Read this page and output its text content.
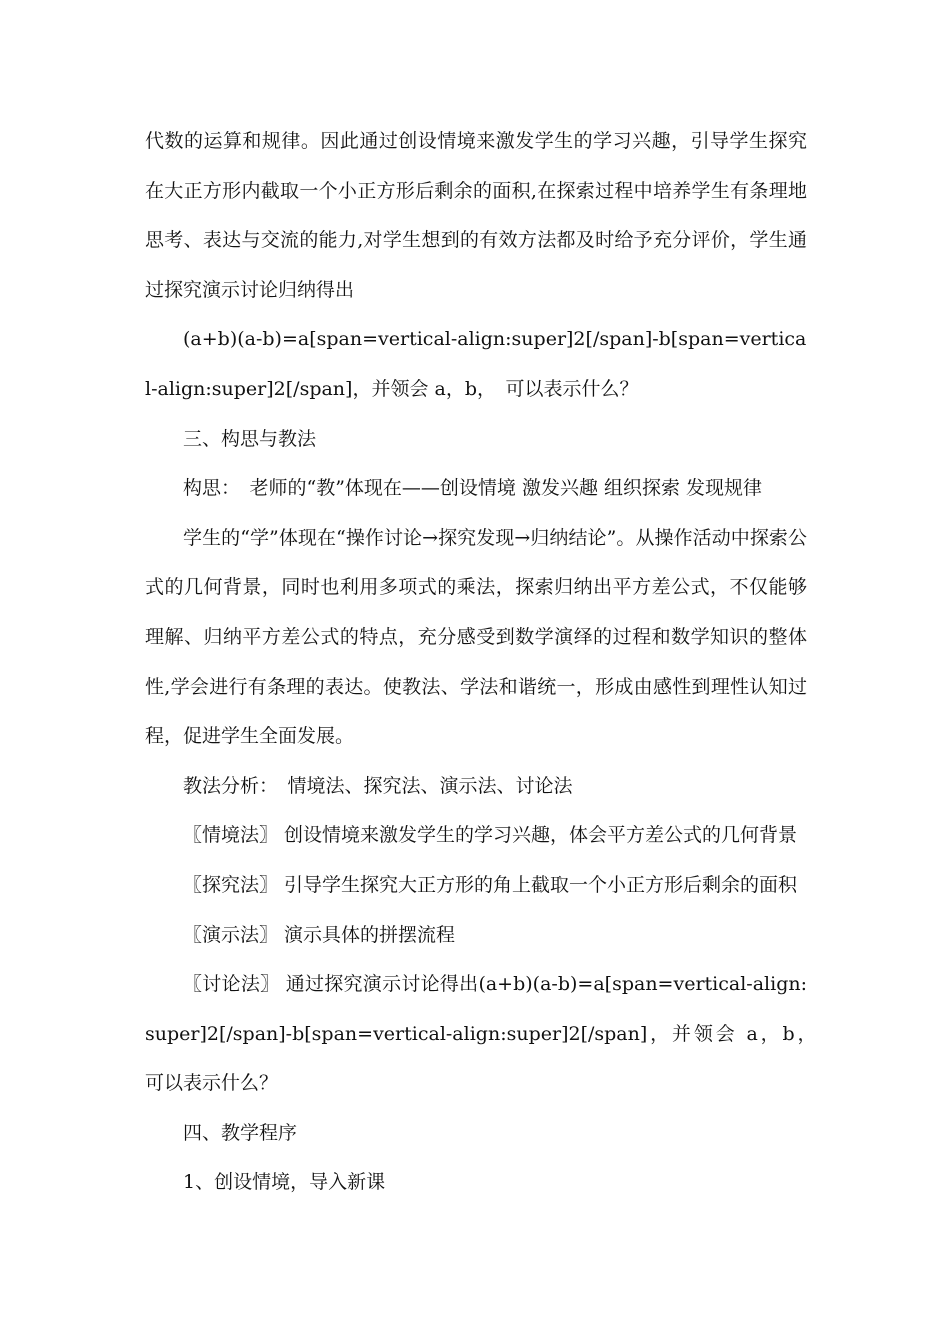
代数的运算和规律。因此通过创设情境来激发学生的学习兴趣，引导学生探究在大正方形内截取一个小正方形后剩余的面积,在探索过程中培养学生有条理地思考、表达与交流的能力,对学生想到的有效方法都及时给予充分评价，学生通过探究演示讨论归纳得出

(a+b)(a-b)=a[span=vertical-align:super]2[/span]-b[span=vertical-align:super]2[/span]，并领会 a，b，　可以表示什么？

三、构思与教法

构思：　老师的“教”体现在——创设情境 激发兴趣 组织探索 发现规律

学生的“学”体现在“操作讨论→探究发现→归纳结论”。从操作活动中探索公式的几何背景，同时也利用多项式的乘法，探索归纳出平方差公式，不仅能够理解、归纳平方差公式的特点，充分感受到数学演绎的过程和数学知识的整体性,学会进行有条理的表达。使教法、学法和谐统一，形成由感性到理性认知过程，促进学生全面发展。

教法分析：　情境法、探究法、演示法、讨论法

〖情境法〗 创设情境来激发学生的学习兴趣，体会平方差公式的几何背景

〖探究法〗 引导学生探究大正方形的角上截取一个小正方形后剩余的面积

〖演示法〗 演示具体的拼摆流程

〖讨论法〗 通过探究演示讨论得出(a+b)(a-b)=a[span=vertical-align:super]2[/span]-b[span=vertical-align:super]2[/span]，并领会 a，b，　可以表示什么？

四、教学程序

1、创设情境，导入新课
